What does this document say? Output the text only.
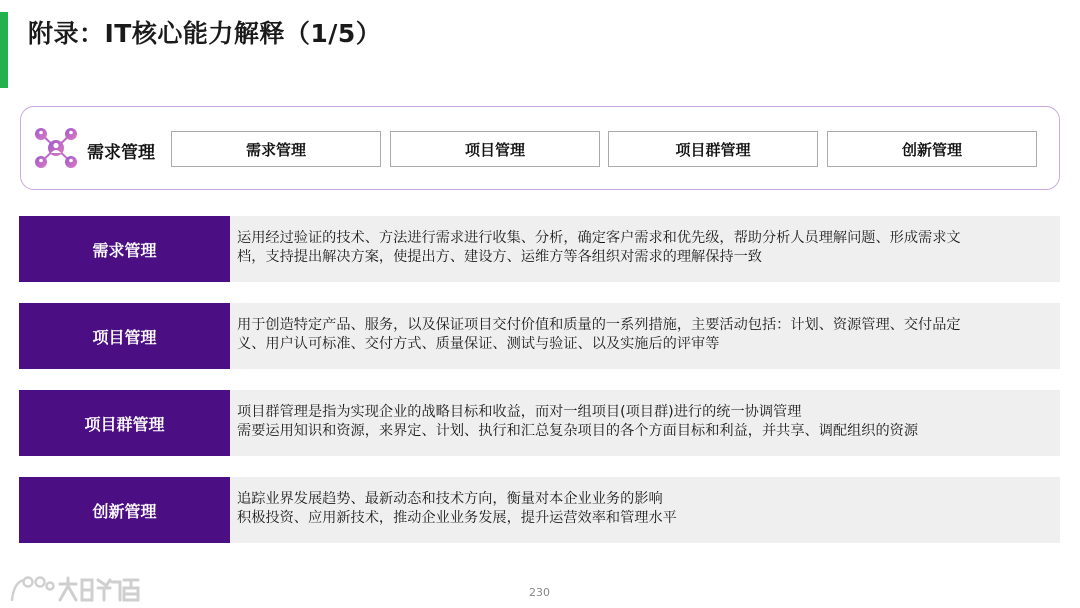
附录：IT核心能力解释（1/5）
需求管理	需求管理	项目管理	项目群管理	创新管理
需求管理
运用经过验证的技术、方法进行需求进行收集、分析，确定客户需求和优先级，帮助分析人员理解问题、形成需求文
档，支持提出解决方案，使提出方、建设方、运维方等各组织对需求的理解保持一致
项目管理
用于创造特定产品、服务，以及保证项目交付价值和质量的一系列措施，主要活动包括：计划、资源管理、交付品定
义、用户认可标准、交付方式、质量保证、测试与验证、以及实施后的评审等
项目群管理
项目群管理是指为实现企业的战略目标和收益，而对一组项目(项目群)进行的统一协调管理
需要运用知识和资源，来界定、计划、执行和汇总复杂项目的各个方面目标和利益，并共享、调配组织的资源
创新管理
追踪业界发展趋势、最新动态和技术方向，衡量对本企业业务的影响
积极投资、应用新技术，推动企业业务发展，提升运营效率和管理水平
230
